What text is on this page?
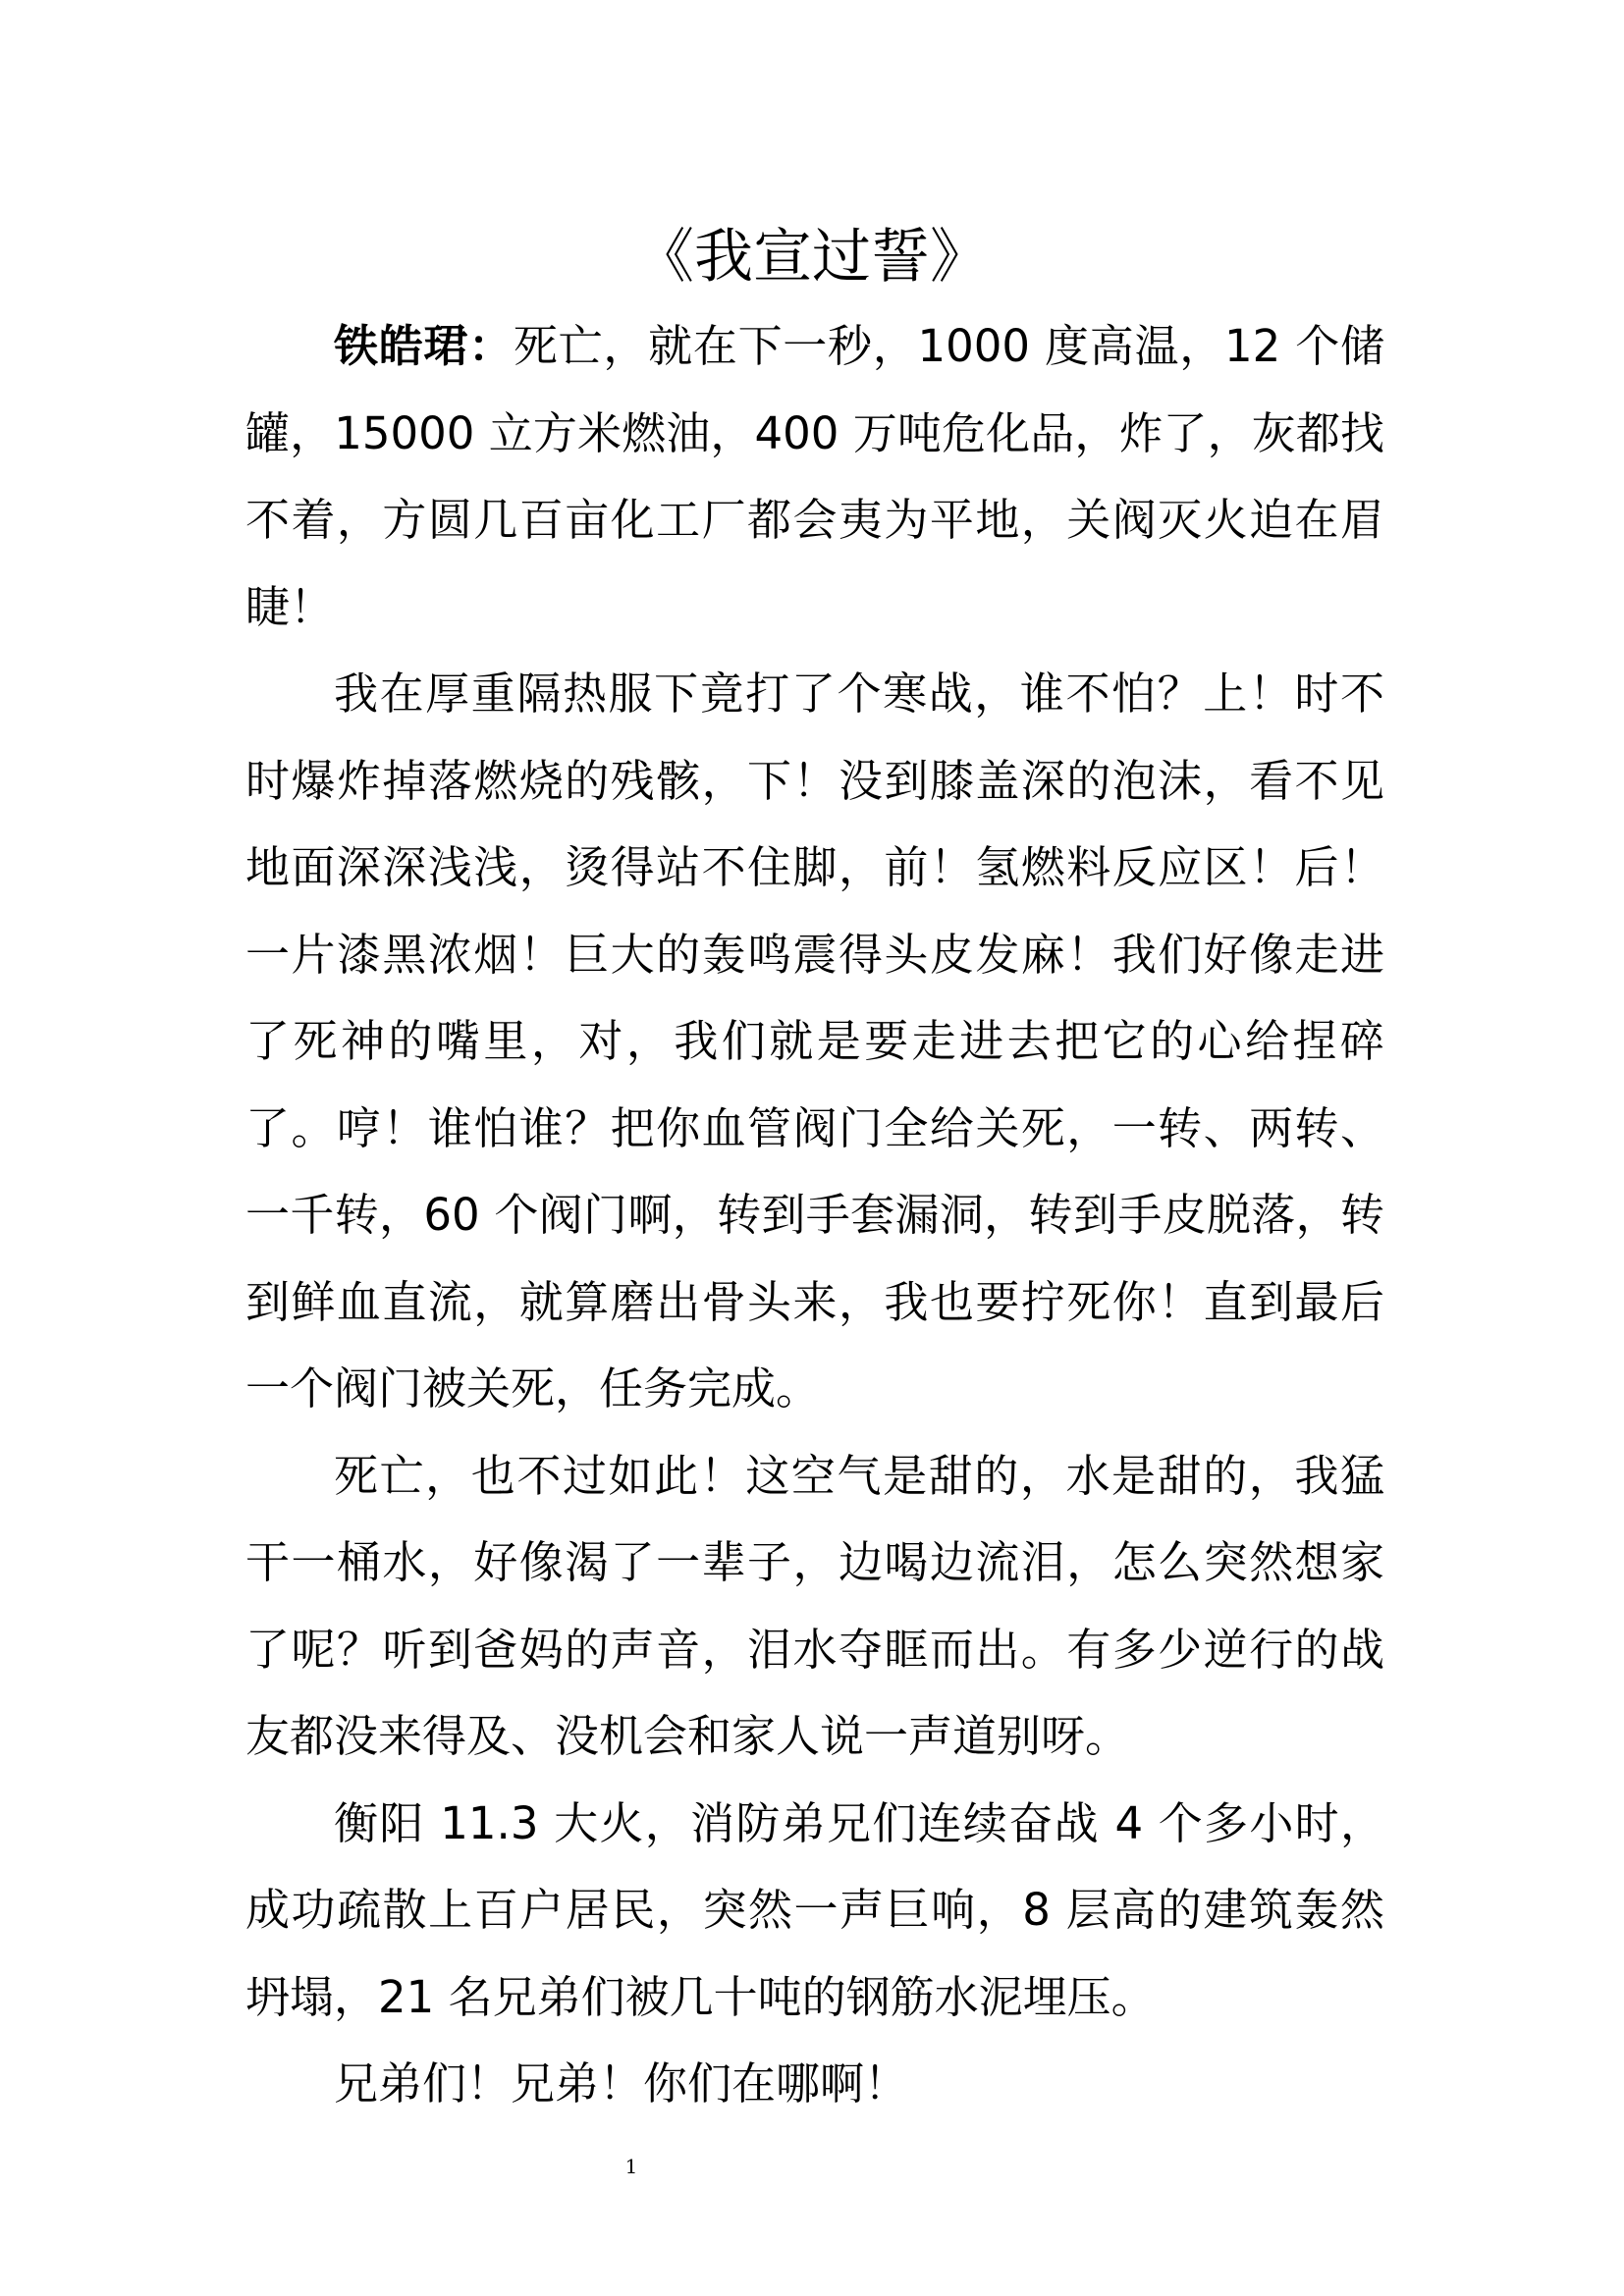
《我宣过誓》

铁皓珺：死亡，就在下一秒，1000 度高温，12 个储罐，15000 立方米燃油，400 万吨危化品，炸了，灰都找不着，方圆几百亩化工厂都会夷为平地，关阀灭火迫在眉睫！

我在厚重隔热服下竟打了个寒战，谁不怕？上！时不时爆炸掉落燃烧的残骸，下！没到膝盖深的泡沫，看不见地面深深浅浅，烫得站不住脚，前！氢燃料反应区！后！一片漆黑浓烟！巨大的轰鸣震得头皮发麻！我们好像走进了死神的嘴里，对，我们就是要走进去把它的心给捏碎了。哼！谁怕谁？把你血管阀门全给关死，一转、两转、一千转，60 个阀门啊，转到手套漏洞，转到手皮脱落，转到鲜血直流，就算磨出骨头来，我也要拧死你！直到最后一个阀门被关死，任务完成。

死亡，也不过如此！这空气是甜的，水是甜的，我猛干一桶水，好像渴了一辈子，边喝边流泪，怎么突然想家了呢？听到爸妈的声音，泪水夺眶而出。有多少逆行的战友都没来得及、没机会和家人说一声道别呀。

衡阳 11.3 大火，消防弟兄们连续奋战 4 个多小时，成功疏散上百户居民，突然一声巨响，8 层高的建筑轰然坍塌，21 名兄弟们被几十吨的钢筋水泥埋压。

兄弟们！兄弟！你们在哪啊！

1
